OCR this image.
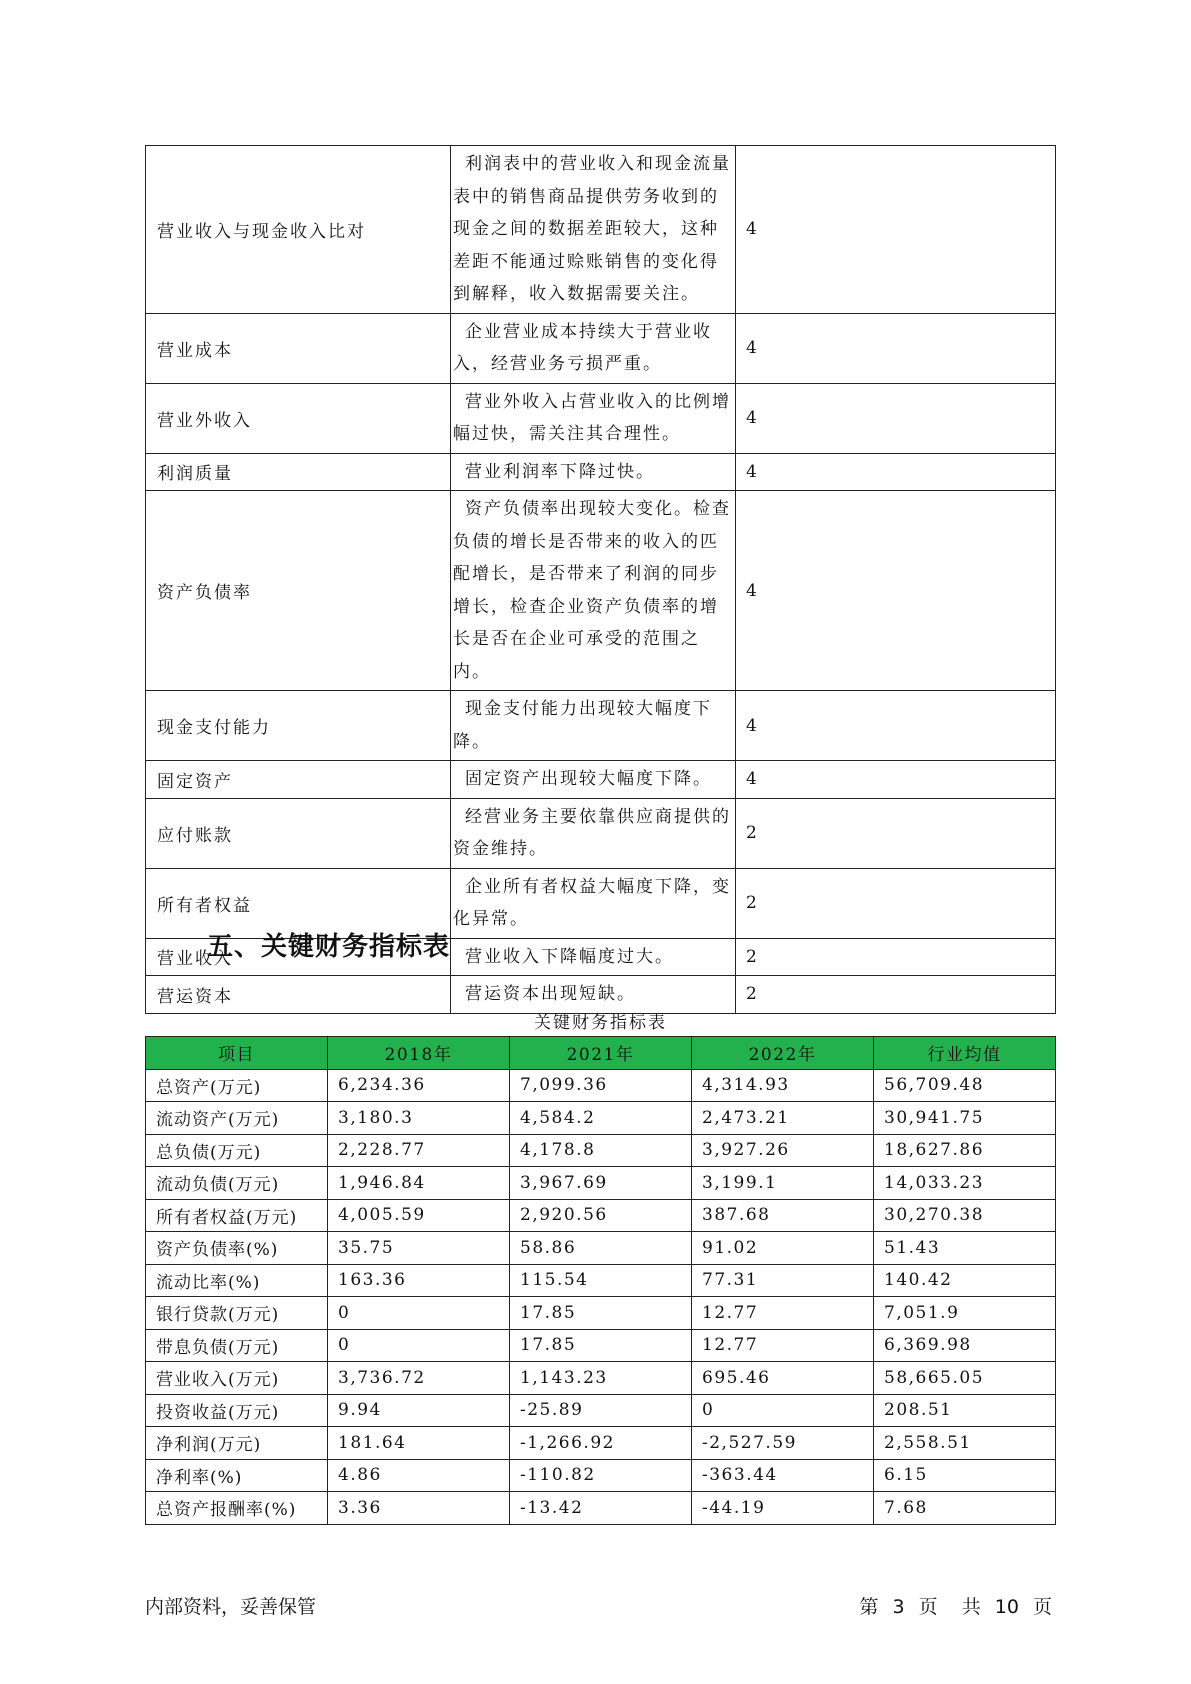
营业收入与现金收入比对	利润表中的营业收入和现金流量表中的销售商品提供劳务收到的现金之间的数据差距较大，这种差距不能通过赊账销售的变化得到解释，收入数据需要关注。	4
营业成本	企业营业成本持续大于营业收入，经营业务亏损严重。	4
营业外收入	营业外收入占营业收入的比例增幅过快，需关注其合理性。	4
利润质量	营业利润率下降过快。	4
资产负债率	资产负债率出现较大变化。检查负债的增长是否带来的收入的匹配增长，是否带来了利润的同步增长，检查企业资产负债率的增长是否在企业可承受的范围之内。	4
现金支付能力	现金支付能力出现较大幅度下降。	4
固定资产	固定资产出现较大幅度下降。	4
应付账款	经营业务主要依靠供应商提供的资金维持。	2
所有者权益	企业所有者权益大幅度下降，变化异常。	2
营业收入	营业收入下降幅度过大。	2
营运资本	营运资本出现短缺。	2
五、关键财务指标表
关键财务指标表
项目	2018年	2021年	2022年	行业均值
总资产(万元)	6,234.36	7,099.36	4,314.93	56,709.48
流动资产(万元)	3,180.3	4,584.2	2,473.21	30,941.75
总负债(万元)	2,228.77	4,178.8	3,927.26	18,627.86
流动负债(万元)	1,946.84	3,967.69	3,199.1	14,033.23
所有者权益(万元)	4,005.59	2,920.56	387.68	30,270.38
资产负债率(%)	35.75	58.86	91.02	51.43
流动比率(%)	163.36	115.54	77.31	140.42
银行贷款(万元)	0	17.85	12.77	7,051.9
带息负债(万元)	0	17.85	12.77	6,369.98
营业收入(万元)	3,736.72	1,143.23	695.46	58,665.05
投资收益(万元)	9.94	-25.89	0	208.51
净利润(万元)	181.64	-1,266.92	-2,527.59	2,558.51
净利率(%)	4.86	-110.82	-363.44	6.15
总资产报酬率(%)	3.36	-13.42	-44.19	7.68
内部资料，妥善保管	第 3 页 共 10 页
